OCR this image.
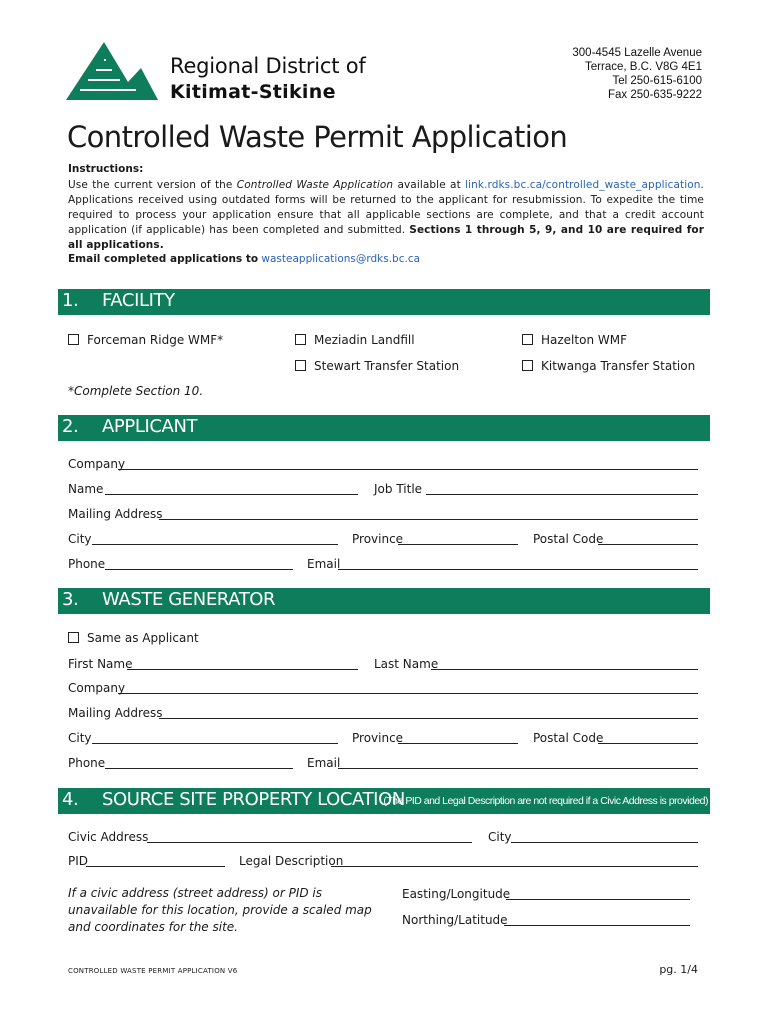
Regional District of
Kitimat-Stikine
300-4545 Lazelle Avenue
Terrace, B.C. V8G 4E1
Tel 250-615-6100
Fax 250-635-9222
Controlled Waste Permit Application
Instructions:

Use the current version of the Controlled Waste Application available at link.rdks.bc.ca/controlled_waste_application. Applications received using outdated forms will be returned to the applicant for resubmission. To expedite the time required to process your application ensure that all applicable sections are complete, and that a credit account application (if applicable) has been completed and submitted. Sections 1 through 5, 9, and 10 are required for all applications.

Email completed applications to wasteapplications@rdks.bc.ca
1. FACILITY
Forceman Ridge WMF*	Meziadin Landfill	Hazelton WMF
Stewart Transfer Station	Kitwanga Transfer Station
*Complete Section 10.
2. APPLICANT
Company
Name	Job Title
Mailing Address
City	Province	Postal Code
Phone	Email
3. WASTE GENERATOR
Same as Applicant
First Name	Last Name
Company
Mailing Address
City	Province	Postal Code
Phone	Email
4. SOURCE SITE PROPERTY LOCATION
(The PID and Legal Description are not required if a Civic Address is provided)
Civic Address	City
PID	Legal Description
If a civic address (street address) or PID is unavailable for this location, provide a scaled map and coordinates for the site.
Easting/Longitude
Northing/Latitude
CONTROLLED WASTE PERMIT APPLICATION V6	pg. 1/4
